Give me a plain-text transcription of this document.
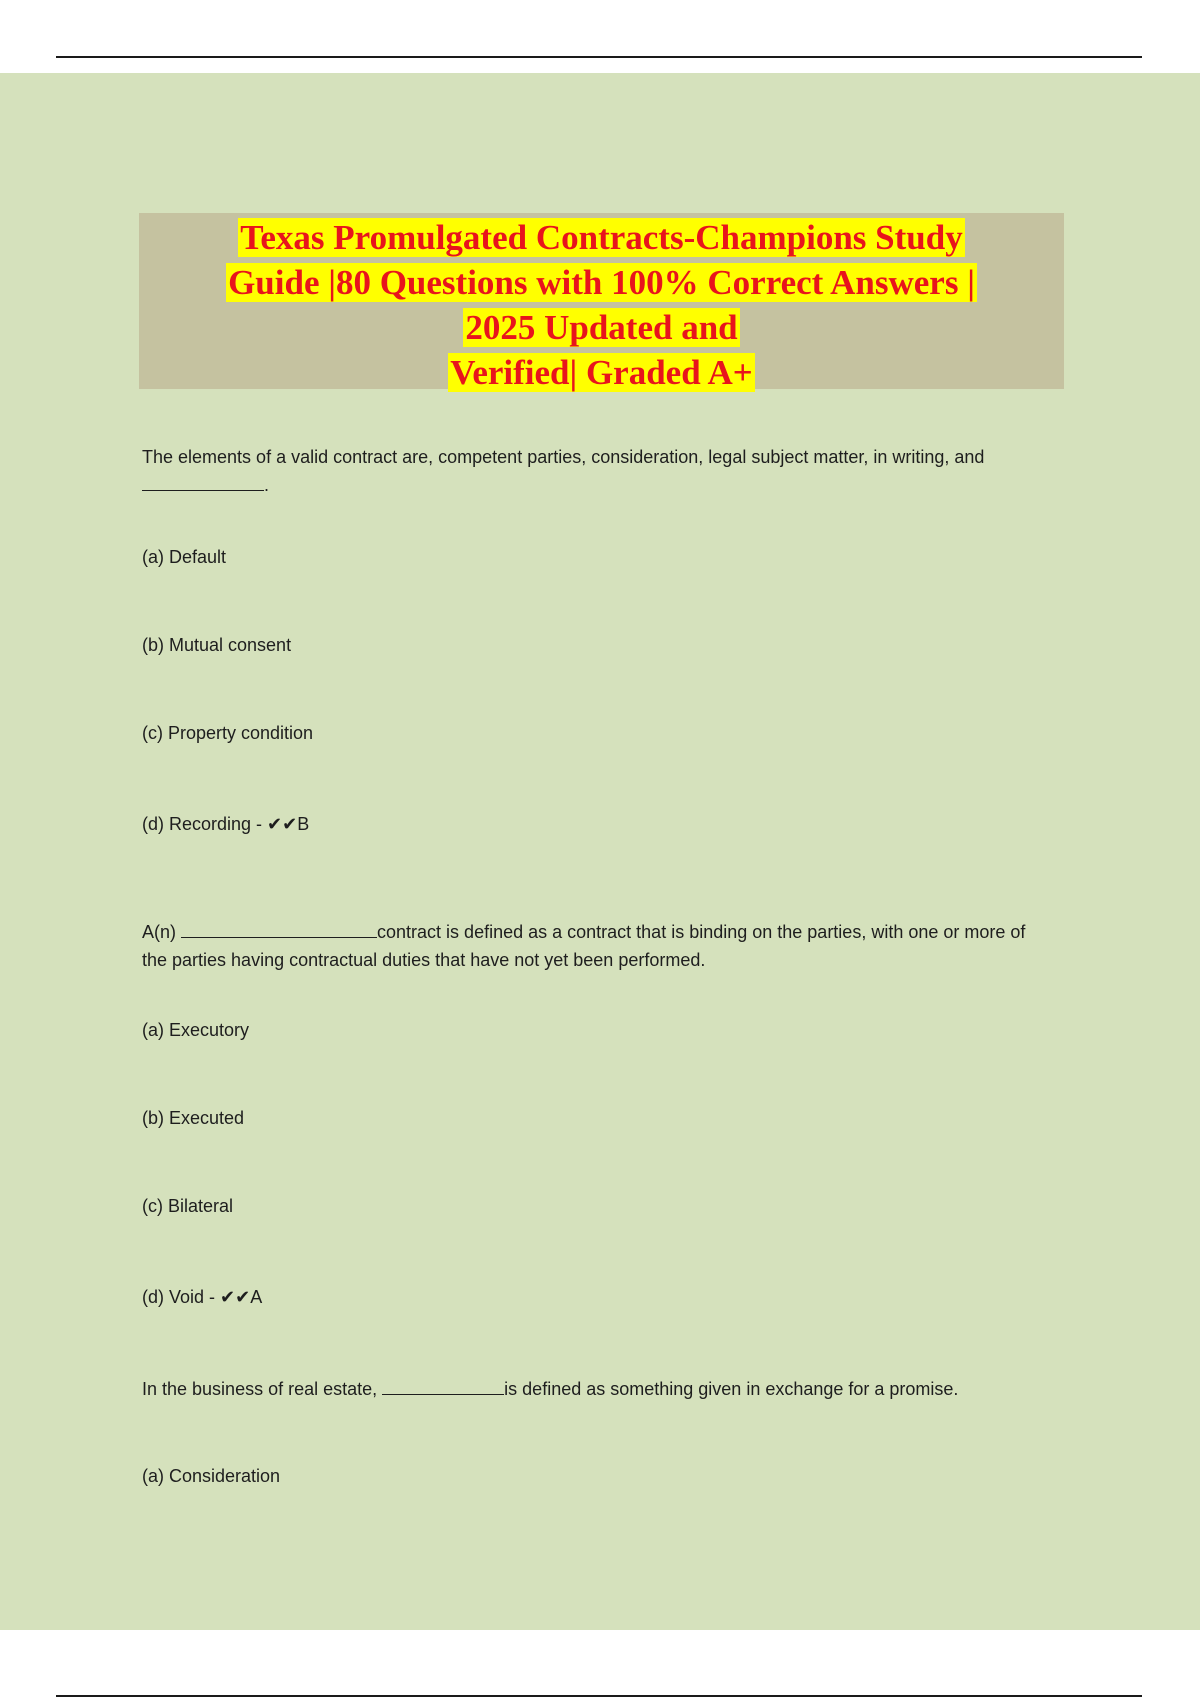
Texas Promulgated Contracts-Champions Study
Guide |80 Questions with 100% Correct Answers |
2025 Updated and
Verified| Graded A+
The elements of a valid contract are, competent parties, consideration, legal subject matter, in writing, and .
(a) Default
(b) Mutual consent
(c) Property condition
(d) Recording - ✔✔B
A(n)	contract is defined as a contract that is binding on the parties, with one or more of the parties having contractual duties that have not yet been performed.
(a) Executory
(b) Executed
(c) Bilateral
(d) Void - ✔✔A
In the business of real estate,	is defined as something given in exchange for a promise.
(a) Consideration
